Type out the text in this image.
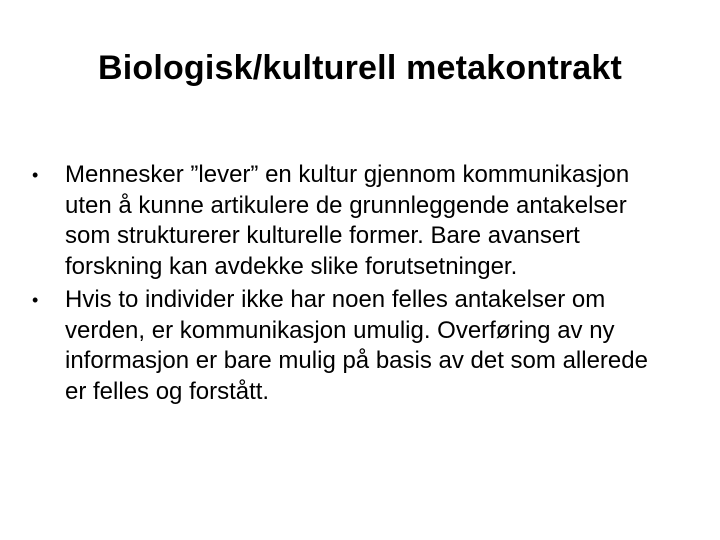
Biologisk/kulturell metakontrakt
•	Mennesker ”lever” en kultur gjennom kommunikasjon uten å kunne artikulere de grunnleggende antakelser som strukturerer kulturelle former. Bare avansert forskning kan avdekke slike forutsetninger.
•	Hvis to individer ikke har noen felles antakelser om verden, er kommunikasjon umulig. Overføring av ny informasjon er bare mulig på basis av det som allerede er felles og forstått.
